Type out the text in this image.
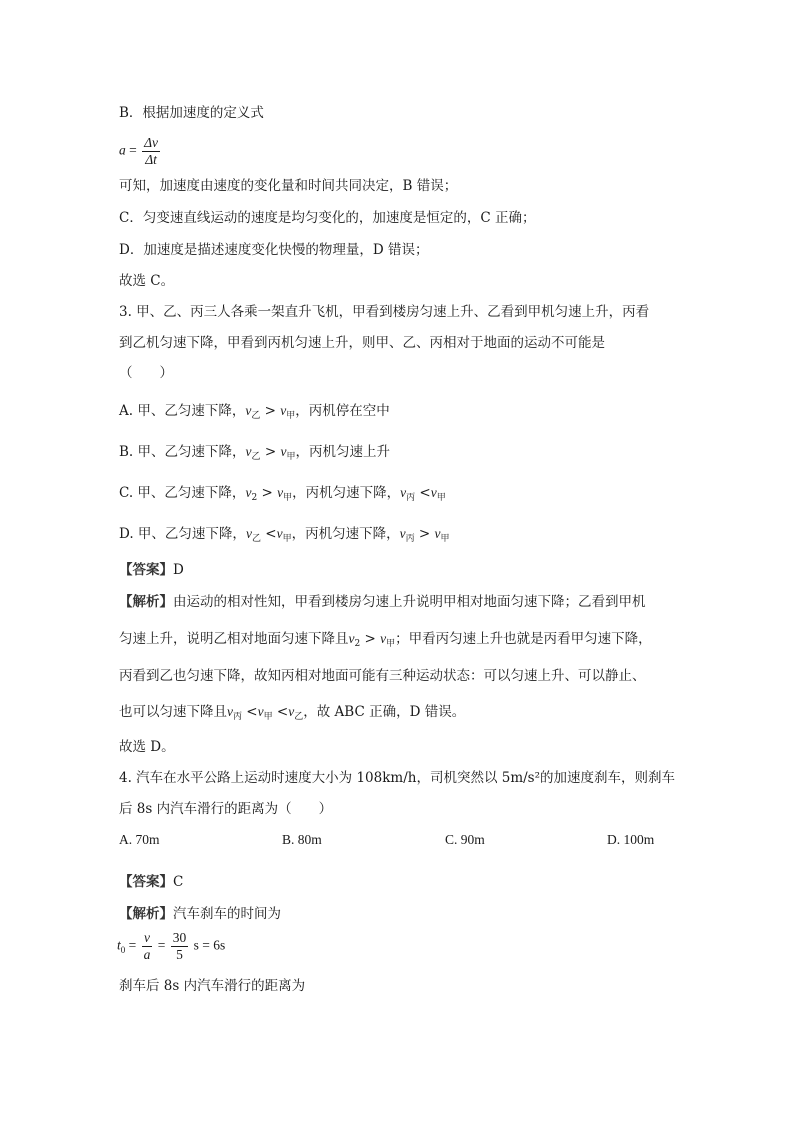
B．根据加速度的定义式
$a = \frac{\Delta v}{\Delta t}$
可知，加速度由速度的变化量和时间共同决定，B 错误；
C．匀变速直线运动的速度是均匀变化的，加速度是恒定的，C 正确；
D．加速度是描述速度变化快慢的物理量，D 错误；
故选 C。
3. 甲、乙、丙三人各乘一架直升飞机，甲看到楼房匀速上升、乙看到甲机匀速上升，丙看
到乙机匀速下降，甲看到丙机匀速上升，则甲、乙、丙相对于地面的运动不可能是
（　　）
A. 甲、乙匀速下降，$v_乙 > v_甲$，丙机停在空中
B. 甲、乙匀速下降，$v_乙 > v_甲$，丙机匀速上升
C. 甲、乙匀速下降，$v_2 > v_甲$，丙机匀速下降，$v_丙 <v_甲$
D. 甲、乙匀速下降，$v_乙 <v_甲$，丙机匀速下降，$v_丙 > v_甲$
【答案】D
【解析】由运动的相对性知，甲看到楼房匀速上升说明甲相对地面匀速下降；乙看到甲机
匀速上升，说明乙相对地面匀速下降且$v_2 > v_甲$；甲看丙匀速上升也就是丙看甲匀速下降，
丙看到乙也匀速下降，故知丙相对地面可能有三种运动状态：可以匀速上升、可以静止、
也可以匀速下降且$v_丙 <v_甲 <v_乙$，故 ABC 正确，D 错误。
故选 D。
4. 汽车在水平公路上运动时速度大小为 108km/h，司机突然以 5m/s²的加速度刹车，则刹车
后 8s 内汽车滑行的距离为（　　）
A. 70m	B. 80m	C. 90m	D. 100m
【答案】C
【解析】汽车刹车的时间为
$t_0 = \frac{v}{a} = \frac{30}{5}$ s = 6s
刹车后 8s 内汽车滑行的距离为
